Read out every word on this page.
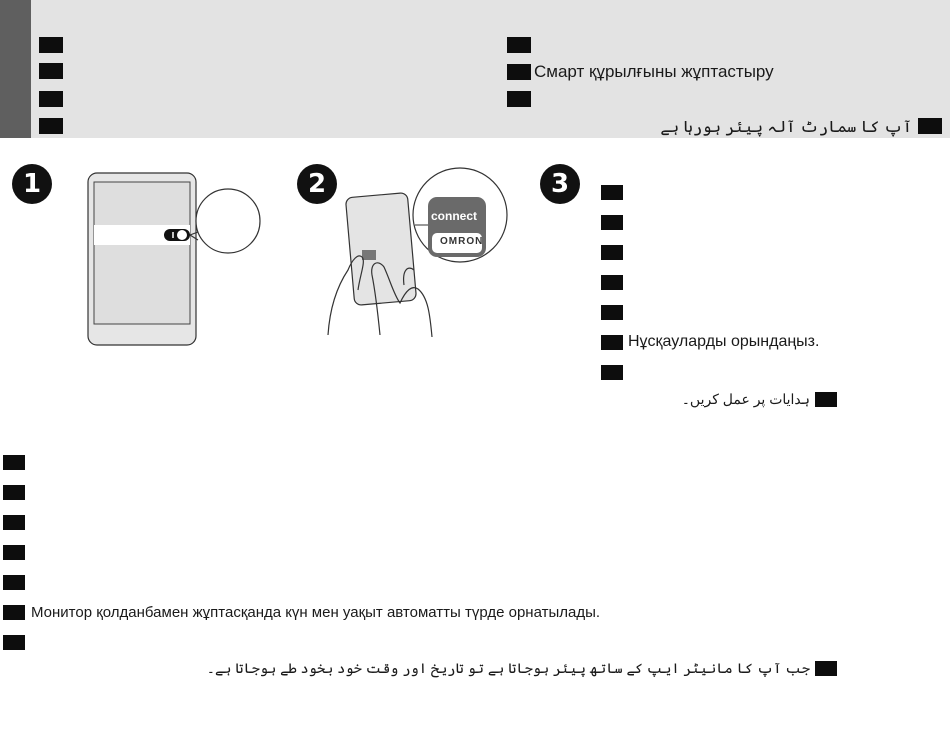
Смарт құрылғыны жұптастыру
آپ کا سمارٹ آلہ پیئر ہورہا ہے
1	2	3
connect
OMRON
Нұсқауларды орындаңыз.
ہدایات پر عمل کریں۔
Монитор қолданбамен жұптасқанда күн мен уақыт автоматты түрде орнатылады.
جب آپ کا مانیٹر ایپ کے ساتھ پیئر ہوجاتا ہے تو تاریخ اور وقت خود بخود طے ہوجاتا ہے۔
